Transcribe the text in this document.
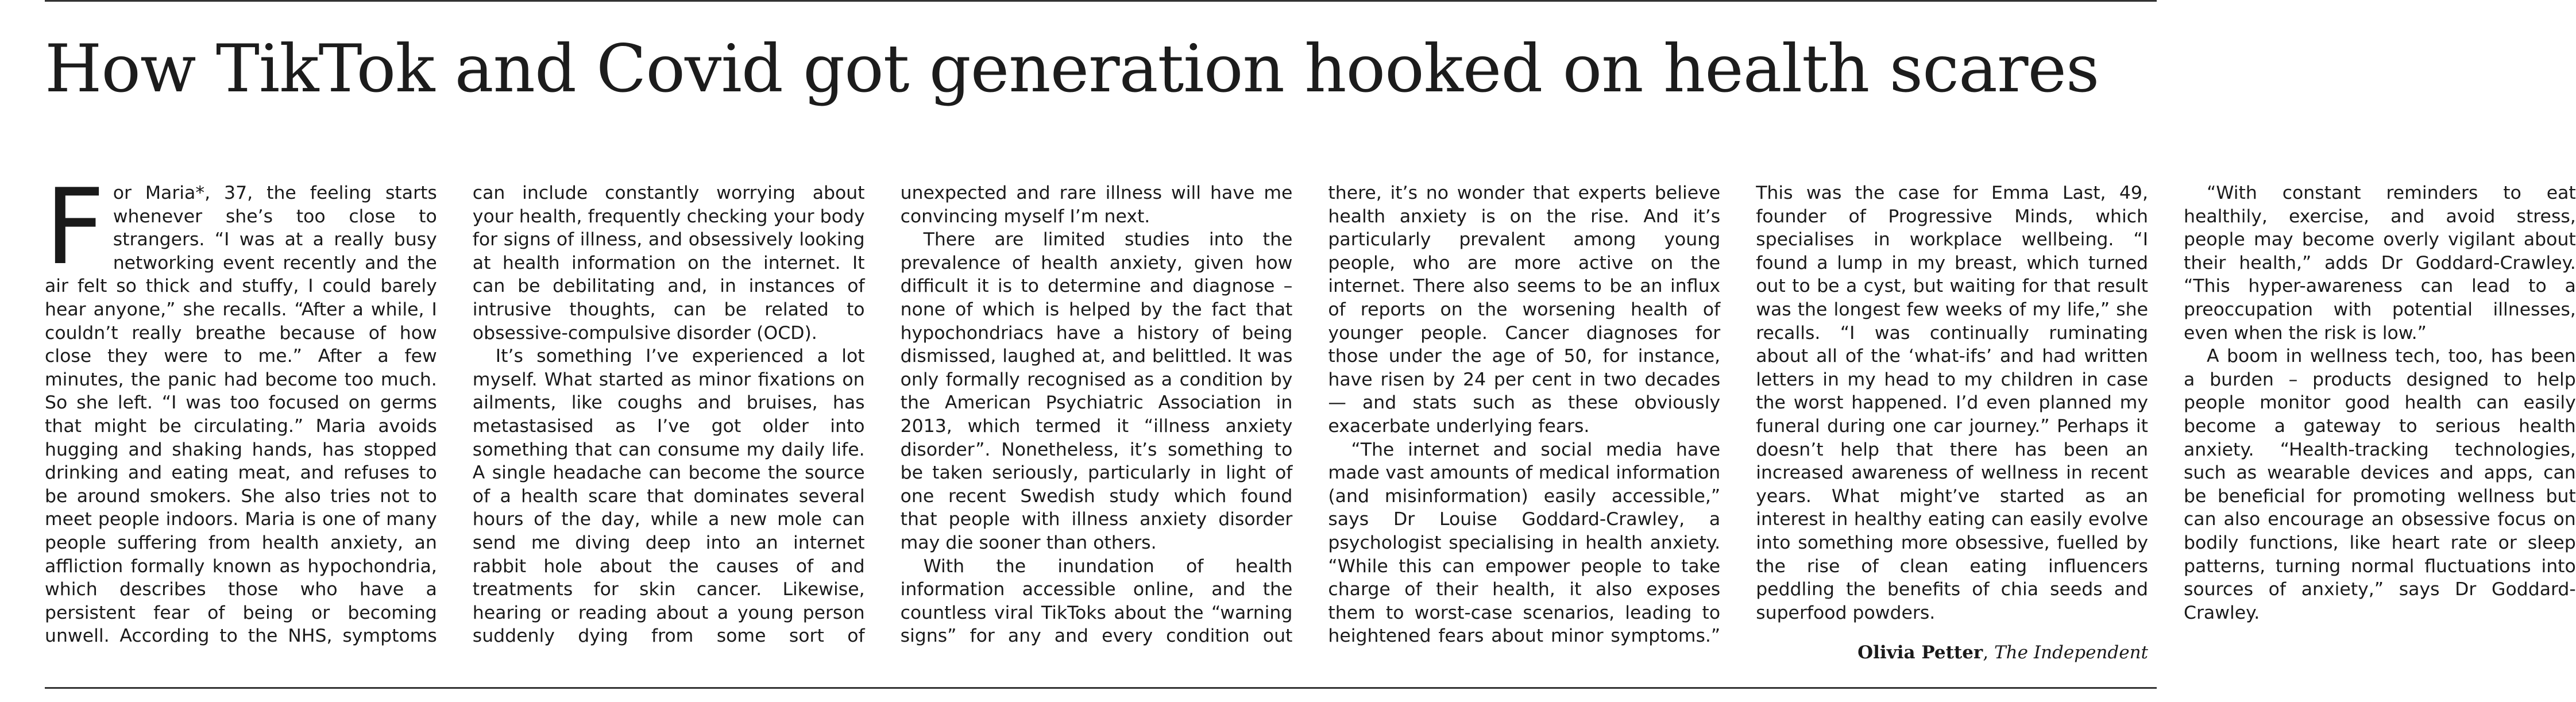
How TikTok and Covid got generation hooked on health scares

For Maria*, 37, the feeling starts whenever she’s too close to strangers. “I was at a really busy networking event recently and the air felt so thick and stuffy, I could barely hear anyone,” she recalls. “After a while, I couldn’t really breathe because of how close they were to me.” After a few minutes, the panic had become too much. So she left. “I was too focused on germs that might be circulating.” Maria avoids hugging and shaking hands, has stopped drinking and eating meat, and refuses to be around smokers. She also tries not to meet people indoors. Maria is one of many people suffering from health anxiety, an affliction formally known as hypochondria, which describes those who have a persistent fear of being or becoming unwell. According to the NHS, symptoms can include constantly worrying about your health, frequently checking your body for signs of illness, and obsessively looking at health information on the internet. It can be debilitating and, in instances of intrusive thoughts, can be related to obsessive-compulsive disorder (OCD).

It’s something I’ve experienced a lot myself. What started as minor fixations on ailments, like coughs and bruises, has metastasised as I’ve got older into something that can consume my daily life. A single headache can become the source of a health scare that dominates several hours of the day, while a new mole can send me diving deep into an internet rabbit hole about the causes of and treatments for skin cancer. Likewise, hearing or reading about a young person suddenly dying from some sort of unexpected and rare illness will have me convincing myself I’m next.

There are limited studies into the prevalence of health anxiety, given how difficult it is to determine and diagnose – none of which is helped by the fact that hypochondriacs have a history of being dismissed, laughed at, and belittled. It was only formally recognised as a condition by the American Psychiatric Association in 2013, which termed it “illness anxiety disorder”. Nonetheless, it’s something to be taken seriously, particularly in light of one recent Swedish study which found that people with illness anxiety disorder may die sooner than others.

With the inundation of health information accessible online, and the countless viral TikToks about the “warning signs” for any and every condition out there, it’s no wonder that experts believe health anxiety is on the rise. And it’s particularly prevalent among young people, who are more active on the internet. There also seems to be an influx of reports on the worsening health of younger people. Cancer diagnoses for those under the age of 50, for instance, have risen by 24 per cent in two decades — and stats such as these obviously exacerbate underlying fears.

“The internet and social media have made vast amounts of medical information (and misinformation) easily accessible,” says Dr Louise Goddard-Crawley, a psychologist specialising in health anxiety. “While this can empower people to take charge of their health, it also exposes them to worst-case scenarios, leading to heightened fears about minor symptoms.” This was the case for Emma Last, 49, founder of Progressive Minds, which specialises in workplace wellbeing. “I found a lump in my breast, which turned out to be a cyst, but waiting for that result was the longest few weeks of my life,” she recalls. “I was continually ruminating about all of the ‘what-ifs’ and had written letters in my head to my children in case the worst happened. I’d even planned my funeral during one car journey.” Perhaps it doesn’t help that there has been an increased awareness of wellness in recent years. What might’ve started as an interest in healthy eating can easily evolve into something more obsessive, fuelled by the rise of clean eating influencers peddling the benefits of chia seeds and superfood powders.

“With constant reminders to eat healthily, exercise, and avoid stress, people may become overly vigilant about their health,” adds Dr Goddard-Crawley. “This hyper-awareness can lead to a preoccupation with potential illnesses, even when the risk is low.”

A boom in wellness tech, too, has been a burden – products designed to help people monitor good health can easily become a gateway to serious health anxiety. “Health-tracking technologies, such as wearable devices and apps, can be beneficial for promoting wellness but can also encourage an obsessive focus on bodily functions, like heart rate or sleep patterns, turning normal fluctuations into sources of anxiety,” says Dr Goddard-Crawley.

Olivia Petter, The Independent
